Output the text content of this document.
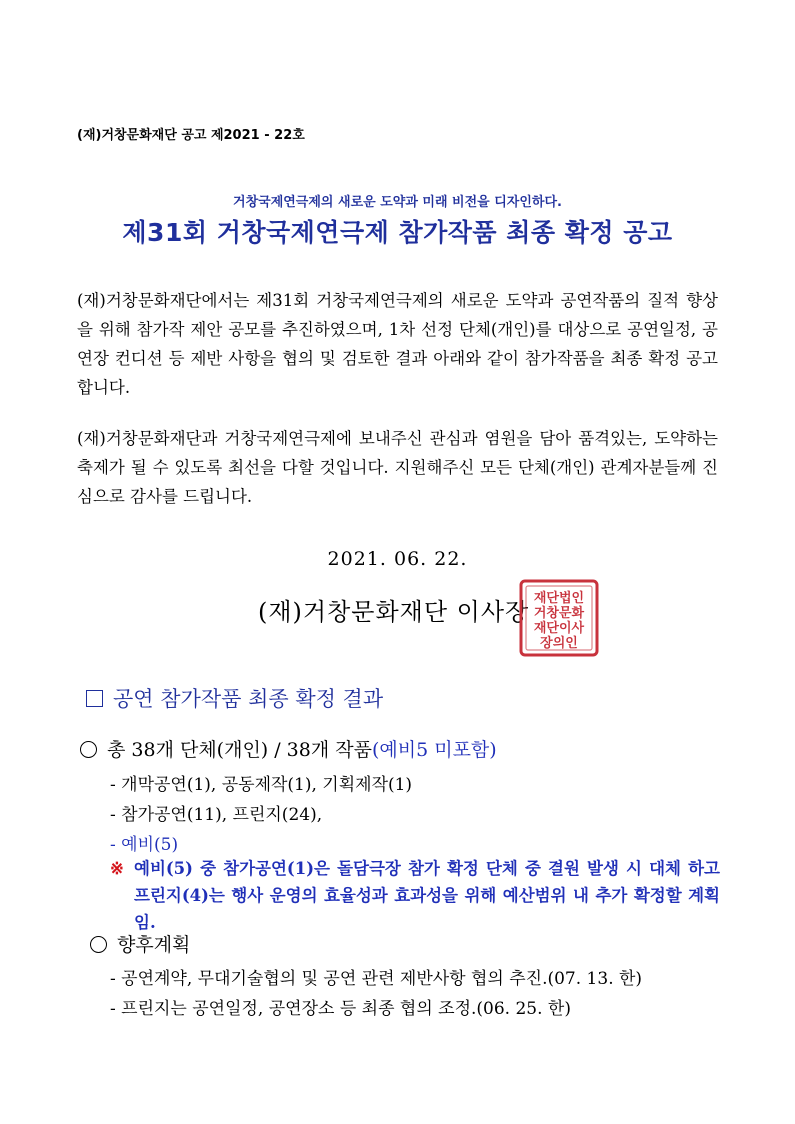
(재)거창문화재단 공고 제2021 - 22호
거창국제연극제의 새로운 도약과 미래 비전을 디자인하다.
제31회 거창국제연극제 참가작품 최종 확정 공고
(재)거창문화재단에서는 제31회 거창국제연극제의 새로운 도약과 공연작품의 질적 향상을 위해 참가작 제안 공모를 추진하였으며, 1차 선정 단체(개인)를 대상으로 공연일정, 공연장 컨디션 등 제반 사항을 협의 및 검토한 결과 아래와 같이 참가작품을 최종 확정 공고합니다.
(재)거창문화재단과 거창국제연극제에 보내주신 관심과 염원을 담아 품격있는, 도약하는 축제가 될 수 있도록 최선을 다할 것입니다. 지원해주신 모든 단체(개인) 관계자분들께 진심으로 감사를 드립니다.
2021. 06. 22.
(재)거창문화재단 이사장 재단법인
거창문화
재단이사
장의인
공연 참가작품 최종 확정 결과
총 38개 단체(개인) / 38개 작품(예비5 미포함)
- 개막공연(1), 공동제작(1), 기획제작(1)
- 참가공연(11), 프린지(24),
- 예비(5)
※ 예비(5) 중 참가공연(1)은 돌담극장 참가 확정 단체 중 결원 발생 시 대체 하고 프린지(4)는 행사 운영의 효율성과 효과성을 위해 예산범위 내 추가 확정할 계획임.
향후계획
- 공연계약, 무대기술협의 및 공연 관련 제반사항 협의 추진.(07. 13. 한)
- 프린지는 공연일정, 공연장소 등 최종 협의 조정.(06. 25. 한)
